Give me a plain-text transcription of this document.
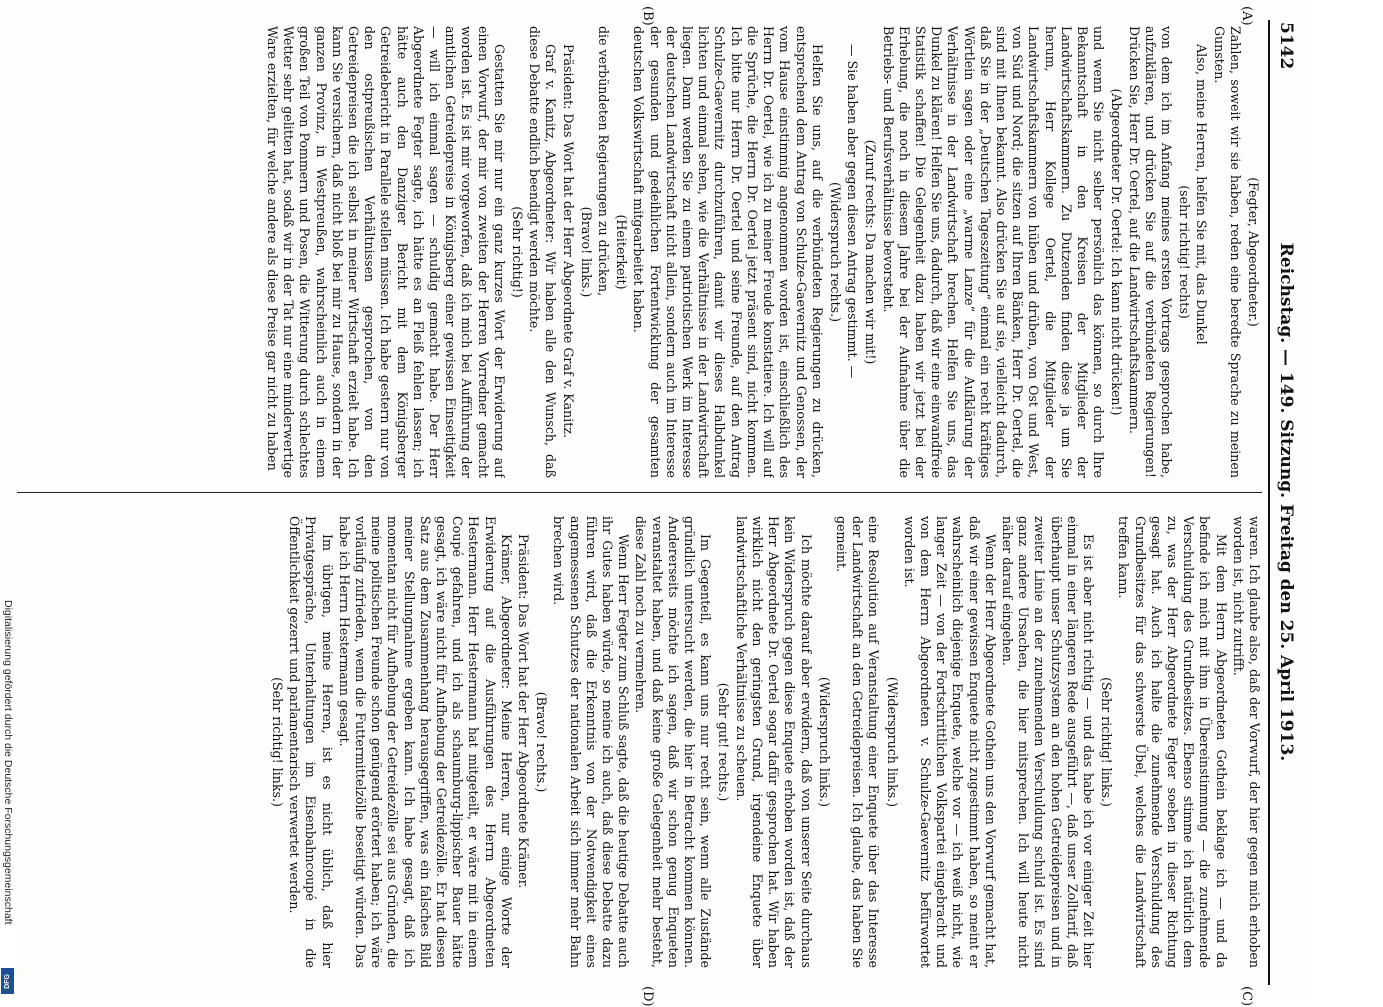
5142
Reichstag. — 149. Sitzung. Freitag den 25. April 1913.
(A)
(B)
(C)
(D)

(Fegter, Abgeordneter.)

Zahlen, soweit wir sie haben, reden eine beredte Sprache zu meinen Gunsten.

Also, meine Herren, helfen Sie mit, das Dunkel

(sehr richtig! rechts)

von dem ich im Anfang meines ersten Vortrags gesprochen habe, aufzuklären, und drücken Sie auf die verbündeten Regierungen! Drücken Sie, Herr Dr. Oertel, auf die Landwirtschaftskammern.

(Abgeordneter Dr. Oertel: Ich kann nicht drücken!)

und wenn Sie nicht selber persönlich das können, so durch Ihre Bekanntschaft in den Kreisen der Mitglieder der Landwirtschaftskammern. Zu Dutzenden finden diese ja um Sie herum, Herr Kollege Oertel, die Mitglieder der Landwirtschaftskammern von hüben und drüben, von Ost und West, von Süd und Nord; die sitzen auf Ihren Bänken, Herr Dr. Oertel, die sind mit Ihnen bekannt. Also drücken Sie auf sie, vielleicht dadurch, daß Sie in der „Deutschen Tageszeitung“ einmal ein recht kräftiges Wörtlein sagen oder eine „warme Lanze“ für die Aufklärung der Verhältnisse in der Landwirtschaft brechen. Helfen Sie uns, das Dunkel zu klären! Helfen Sie uns, dadurch, daß wir eine einwandfreie Statistik schaffen! Die Gelegenheit dazu haben wir jetzt bei der Erhebung, die noch in diesem Jahre bei der Aufnahme über die Betriebs- und Berufsverhältnisse bevorsteht.

(Zuruf rechts: Da machen wir mit!)

— Sie haben aber gegen diesen Antrag gestimmt. —

(Widerspruch rechts.)

Helfen Sie uns, auf die verbündeten Regierungen zu drücken, entsprechend dem Antrag von Schulze-Gaevernitz und Genossen, der vom Hause einstimmig angenommen worden ist, einschließlich des Herrn Dr. Oertel, wie ich zu meiner Freude konstatiere. Ich will auf die Sprüche, die Herrn Dr. Oertel jetzt präsent sind, nicht kommen. Ich bitte nur Herrn Dr. Oertel und seine Freunde, auf den Antrag Schulze-Gaevernitz durchzuführen, damit wir dieses Halbdunkel lichten und einmal sehen, wie die Verhältnisse in der Landwirtschaft liegen. Dann werden Sie zu einem patriotischen Werk im Interesse der deutschen Landwirtschaft nicht allein, sondern auch im Interesse der gesunden und gedeihlichen Fortentwicklung der gesamten deutschen Volkswirtschaft mitgearbeitet haben.

(Heiterkeit)

die verbündeten Regierungen zu drücken,

(Bravo! links.)

Präsident: Das Wort hat der Herr Abgeordnete Graf v. Kanitz.

Graf v. Kanitz, Abgeordneter: Wir haben alle den Wunsch, daß diese Debatte endlich beendigt werden möchte.

(Sehr richtig!)

Gestatten Sie mir nur ein ganz kurzes Wort der Erwiderung auf einen Vorwurf, der mir von zweiten der Herren Vorredner gemacht worden ist. Es ist mir vorgeworfen, daß ich mich bei Aufführung der amtlichen Getreidepreise in Königsberg einer gewissen Einseitigkeit — will ich einmal sagen — schuldig gemacht habe. Der Herr Abgeordnete Fegter sagte, ich hätte es an Fleiß fehlen lassen; ich hätte auch den Danziger Bericht mit dem Königsberger Getreidebericht in Parallele stellen müssen. Ich habe gestern nur von den ostpreußischen Verhältnissen gesprochen, von den Getreidepreisen die ich selbst in meiner Wirtschaft erzielt habe. Ich kann Sie versichern, daß nicht bloß bei mir zu Hause, sondern in der ganzen Provinz, in Westpreußen, wahrscheinlich auch in einem großen Teil von Pommern und Posen, die Witterung durch schlechtes Wetter sehr gelitten hat, sodaß wir in der Tat nur eine minderwertige Ware erzielten, für welche andere als diese Preise gar nicht zu haben

waren. Ich glaube also, daß der Vorwurf, der hier gegen mich erhoben worden ist, nicht zutrifft.

Mit dem Herrn Abgeordneten Gothein beklage ich — und da befinde ich mich mit ihm in Übereinstimmung — die zunehmende Verschuldung des Grundbesitzes. Ebenso stimme ich natürlich dem zu, was der Herr Abgeordnete Fegter soeben in dieser Richtung gesagt hat. Auch ich halte die zunehmende Verschuldung des Grundbesitzes für das schwerste Übel, welches die Landwirtschaft treffen kann.

(Sehr richtig! links.)

Es ist aber nicht richtig — und das habe ich vor einiger Zeit hier einmal in einer längeren Rede ausgeführt —, daß unser Zolltarif, daß überhaupt unser Schutzsystem an den hohen Getreidepreisen und in zweiter Linie an der zunehmenden Verschuldung schuld ist. Es sind ganz andere Ursachen, die hier mitsprechen. Ich will heute nicht näher darauf eingehen.

Wenn der Herr Abgeordnete Gothein uns den Vorwurf gemacht hat, daß wir einer gewissen Enquete nicht zugestimmt haben, so meint er wahrscheinlich diejenige Enquete, welche vor — ich weiß nicht, wie langer Zeit — von der Fortschrittlichen Volkspartei eingebracht und von dem Herrn Abgeordneten v. Schulze-Gaevernitz befürwortet worden ist.

(Widerspruch links.)

eine Resolution auf Veranstaltung einer Enquete über das Interesse der Landwirtschaft an den Getreidepreisen. Ich glaube, das haben Sie gemeint.

(Widerspruch links.)

Ich möchte darauf aber erwidern, daß von unserer Seite durchaus kein Widerspruch gegen diese Enquete erhoben worden ist, daß der Herr Abgeordnete Dr. Oertel sogar dafür gesprochen hat. Wir haben wirklich nicht den geringsten Grund, irgendeine Enquete über landwirtschaftliche Verhältnisse zu scheuen.

(Sehr gut! rechts.)

Im Gegenteil, es kann uns nur recht sein, wenn alle Zustände gründlich untersucht werden, die hier in Betracht kommen können. Andererseits möchte ich sagen, daß wir schon genug Enqueten veranstaltet haben, und daß keine große Gelegenheit mehr besteht, diese Zahl noch zu vermehren.

Wenn Herr Fegter zum Schluß sagte, daß die heutige Debatte auch ihr Gutes haben würde, so meine ich auch, daß diese Debatte dazu führen wird, daß die Erkenntnis von der Notwendigkeit eines angemessenen Schutzes der nationalen Arbeit sich immer mehr Bahn brechen wird.

(Bravo! rechts.)

Präsident: Das Wort hat der Herr Abgeordnete Krämer.

Krämer, Abgeordneter: Meine Herren, nur einige Worte der Erwiderung auf die Ausführungen des Herrn Abgeordneten Hestermann. Herr Hestermann hat mitgeteilt, er wäre mit in einem Coupé gefahren, und ich als schaumburg-lippischer Bauer hätte gesagt, ich wäre nicht für Aufhebung der Getreidezölle. Er hat diesen Satz aus dem Zusammenhang herausgegriffen, was ein falsches Bild meiner Stellungnahme ergeben kann. Ich habe gesagt, daß ich momentan nicht für Aufhebung der Getreidezölle sei aus Gründen, die meine politischen Freunde schon genügend erörtert haben; ich wäre vorläufig zufrieden, wenn die Futtermittelzölle beseitigt würden. Das habe ich Herrn Hestermann gesagt.

Im übrigen, meine Herren, ist es nicht üblich, daß hier Privatgespräche, Unterhaltungen im Eisenbahncoupé in die Öffentlichkeit gezerrt und parlamentarisch verwertet werden.

(Sehr richtig! links.)

Digitalisierung gefördert durch die Deutsche Forschungsgemeinschaft
DFG
